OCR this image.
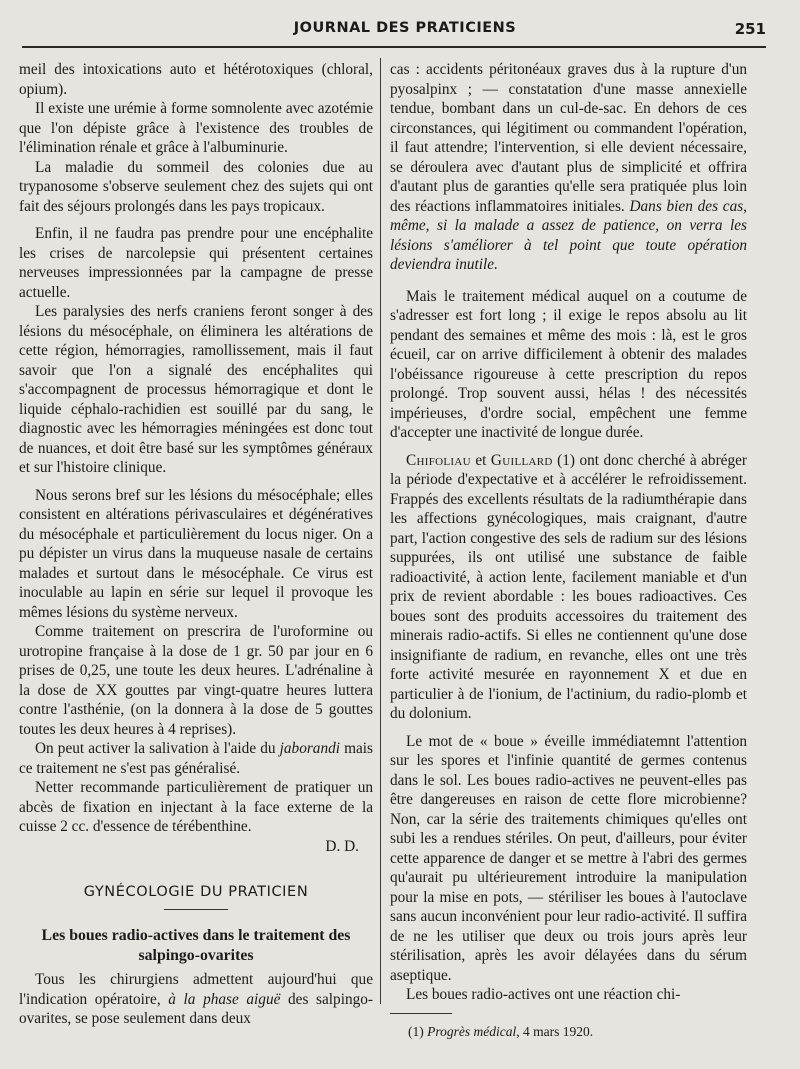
JOURNAL DES PRATICIENS	251

meil des intoxications auto et hétérotoxiques (chloral, opium).

Il existe une urémie à forme somnolente avec azotémie que l'on dépiste grâce à l'existence des troubles de l'élimination rénale et grâce à l'albuminurie.

La maladie du sommeil des colonies due au trypanosome s'observe seulement chez des sujets qui ont fait des séjours prolongés dans les pays tropicaux.

Enfin, il ne faudra pas prendre pour une encéphalite les crises de narcolepsie qui présentent certaines nerveuses impressionnées par la campagne de presse actuelle.

Les paralysies des nerfs craniens feront songer à des lésions du mésocéphale, on éliminera les altérations de cette région, hémorragies, ramollissement, mais il faut savoir que l'on a signalé des encéphalites qui s'accompagnent de processus hémorragique et dont le liquide céphalo-rachidien est souillé par du sang, le diagnostic avec les hémorragies méningées est donc tout de nuances, et doit être basé sur les symptômes généraux et sur l'histoire clinique.

Nous serons bref sur les lésions du mésocéphale; elles consistent en altérations périvasculaires et dégénératives du mésocéphale et particulièrement du locus niger. On a pu dépister un virus dans la muqueuse nasale de certains malades et surtout dans le mésocéphale. Ce virus est inoculable au lapin en série sur lequel il provoque les mêmes lésions du système nerveux.

Comme traitement on prescrira de l'uroformine ou urotropine française à la dose de 1 gr. 50 par jour en 6 prises de 0,25, une toute les deux heures. L'adrénaline à la dose de XX gouttes par vingt-quatre heures luttera contre l'asthénie, (on la donnera à la dose de 5 gouttes toutes les deux heures à 4 reprises).

On peut activer la salivation à l'aide du jaborandi mais ce traitement ne s'est pas généralisé.

Netter recommande particulièrement de pratiquer un abcès de fixation en injectant à la face externe de la cuisse 2 cc. d'essence de térébenthine.

D. D.

GYNÉCOLOGIE DU PRATICIEN
Les boues radio-actives dans le traitement des salpingo-ovarites

Tous les chirurgiens admettent aujourd'hui que l'indication opératoire, à la phase aiguë des salpingo-ovarites, se pose seulement dans deux

cas : accidents péritonéaux graves dus à la rupture d'un pyosalpinx ; — constatation d'une masse annexielle tendue, bombant dans un cul-de-sac. En dehors de ces circonstances, qui légitiment ou commandent l'opération, il faut attendre; l'intervention, si elle devient nécessaire, se déroulera avec d'autant plus de simplicité et offrira d'autant plus de garanties qu'elle sera pratiquée plus loin des réactions inflammatoires initiales. Dans bien des cas, même, si la malade a assez de patience, on verra les lésions s'améliorer à tel point que toute opération deviendra inutile.

Mais le traitement médical auquel on a coutume de s'adresser est fort long ; il exige le repos absolu au lit pendant des semaines et même des mois : là, est le gros écueil, car on arrive difficilement à obtenir des malades l'obéissance rigoureuse à cette prescription du repos prolongé. Trop souvent aussi, hélas ! des nécessités impérieuses, d'ordre social, empêchent une femme d'accepter une inactivité de longue durée.

Chifoliau et Guillard (1) ont donc cherché à abréger la période d'expectative et à accélérer le refroidissement. Frappés des excellents résultats de la radiumthérapie dans les affections gynécologiques, mais craignant, d'autre part, l'action congestive des sels de radium sur des lésions suppurées, ils ont utilisé une substance de faible radioactivité, à action lente, facilement maniable et d'un prix de revient abordable : les boues radioactives. Ces boues sont des produits accessoires du traitement des minerais radio-actifs. Si elles ne contiennent qu'une dose insignifiante de radium, en revanche, elles ont une très forte activité mesurée en rayonnement X et due en particulier à de l'ionium, de l'actinium, du radio-plomb et du dolonium.

Le mot de « boue » éveille immédiatemnt l'attention sur les spores et l'infinie quantité de germes contenus dans le sol. Les boues radio-actives ne peuvent-elles pas être dangereuses en raison de cette flore microbienne? Non, car la série des traitements chimiques qu'elles ont subi les a rendues stériles. On peut, d'ailleurs, pour éviter cette apparence de danger et se mettre à l'abri des germes qu'aurait pu ultérieurement introduire la manipulation pour la mise en pots, — stériliser les boues à l'autoclave sans aucun inconvénient pour leur radio-activité. Il suffira de ne les utiliser que deux ou trois jours après leur stérilisation, après les avoir délayées dans du sérum aseptique.

Les boues radio-actives ont une réaction chi-

(1) Progrès médical, 4 mars 1920.
